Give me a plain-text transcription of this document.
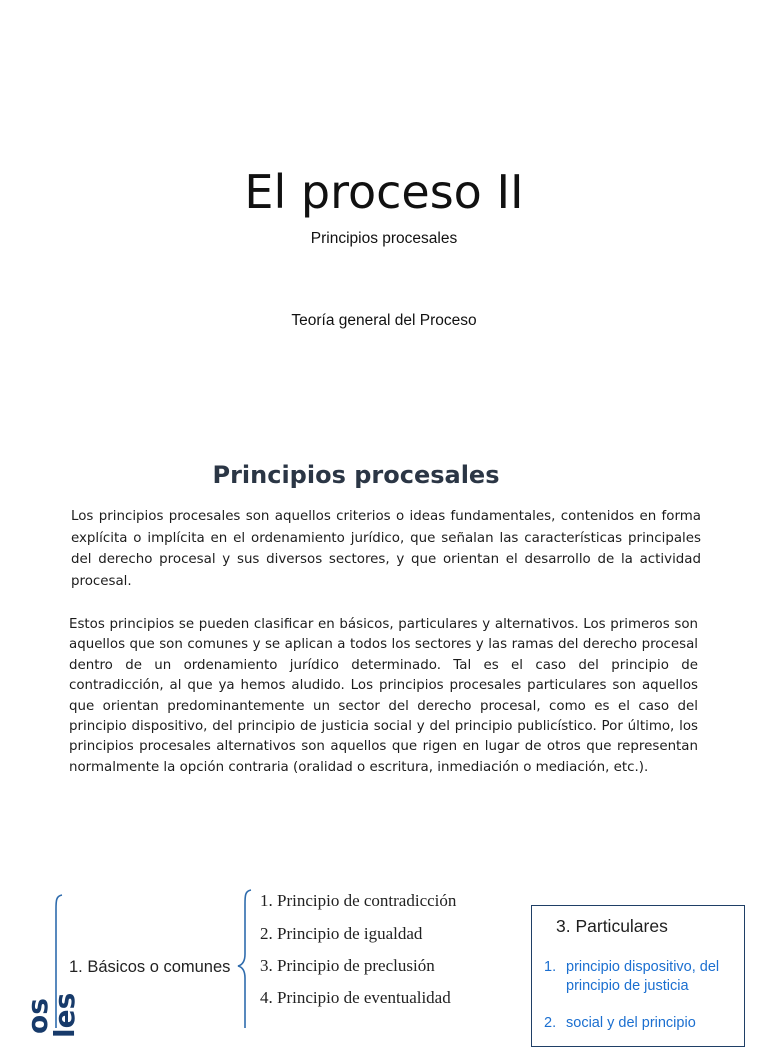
El proceso II
Principios procesales
Teoría general del Proceso
Principios procesales
Los principios procesales son aquellos criterios o ideas fundamentales, contenidos en forma explícita o implícita en el ordenamiento jurídico, que señalan las características principales del derecho procesal y sus diversos sectores, y que orientan el desarrollo de la actividad procesal.
Estos principios se pueden clasificar en básicos, particulares y alternativos. Los primeros son aquellos que son comunes y se aplican a todos los sectores y las ramas del derecho procesal dentro de un ordenamiento jurídico determinado. Tal es el caso del principio de contradicción, al que ya hemos aludido. Los principios procesales particulares son aquellos que orientan predominantemente un sector del derecho procesal, como es el caso del principio dispositivo, del principio de justicia social y del principio publicístico. Por último, los principios procesales alternativos son aquellos que rigen en lugar de otros que representan normalmente la opción contraria (oralidad o escritura, inmediación o mediación, etc.).
os
les
1. Básicos o comunes
1. Principio de contradicción
2. Principio de igualdad
3. Principio de preclusión
4. Principio de eventualidad
3. Particulares
1. principio dispositivo, del principio de justicia
2. social y del principio
